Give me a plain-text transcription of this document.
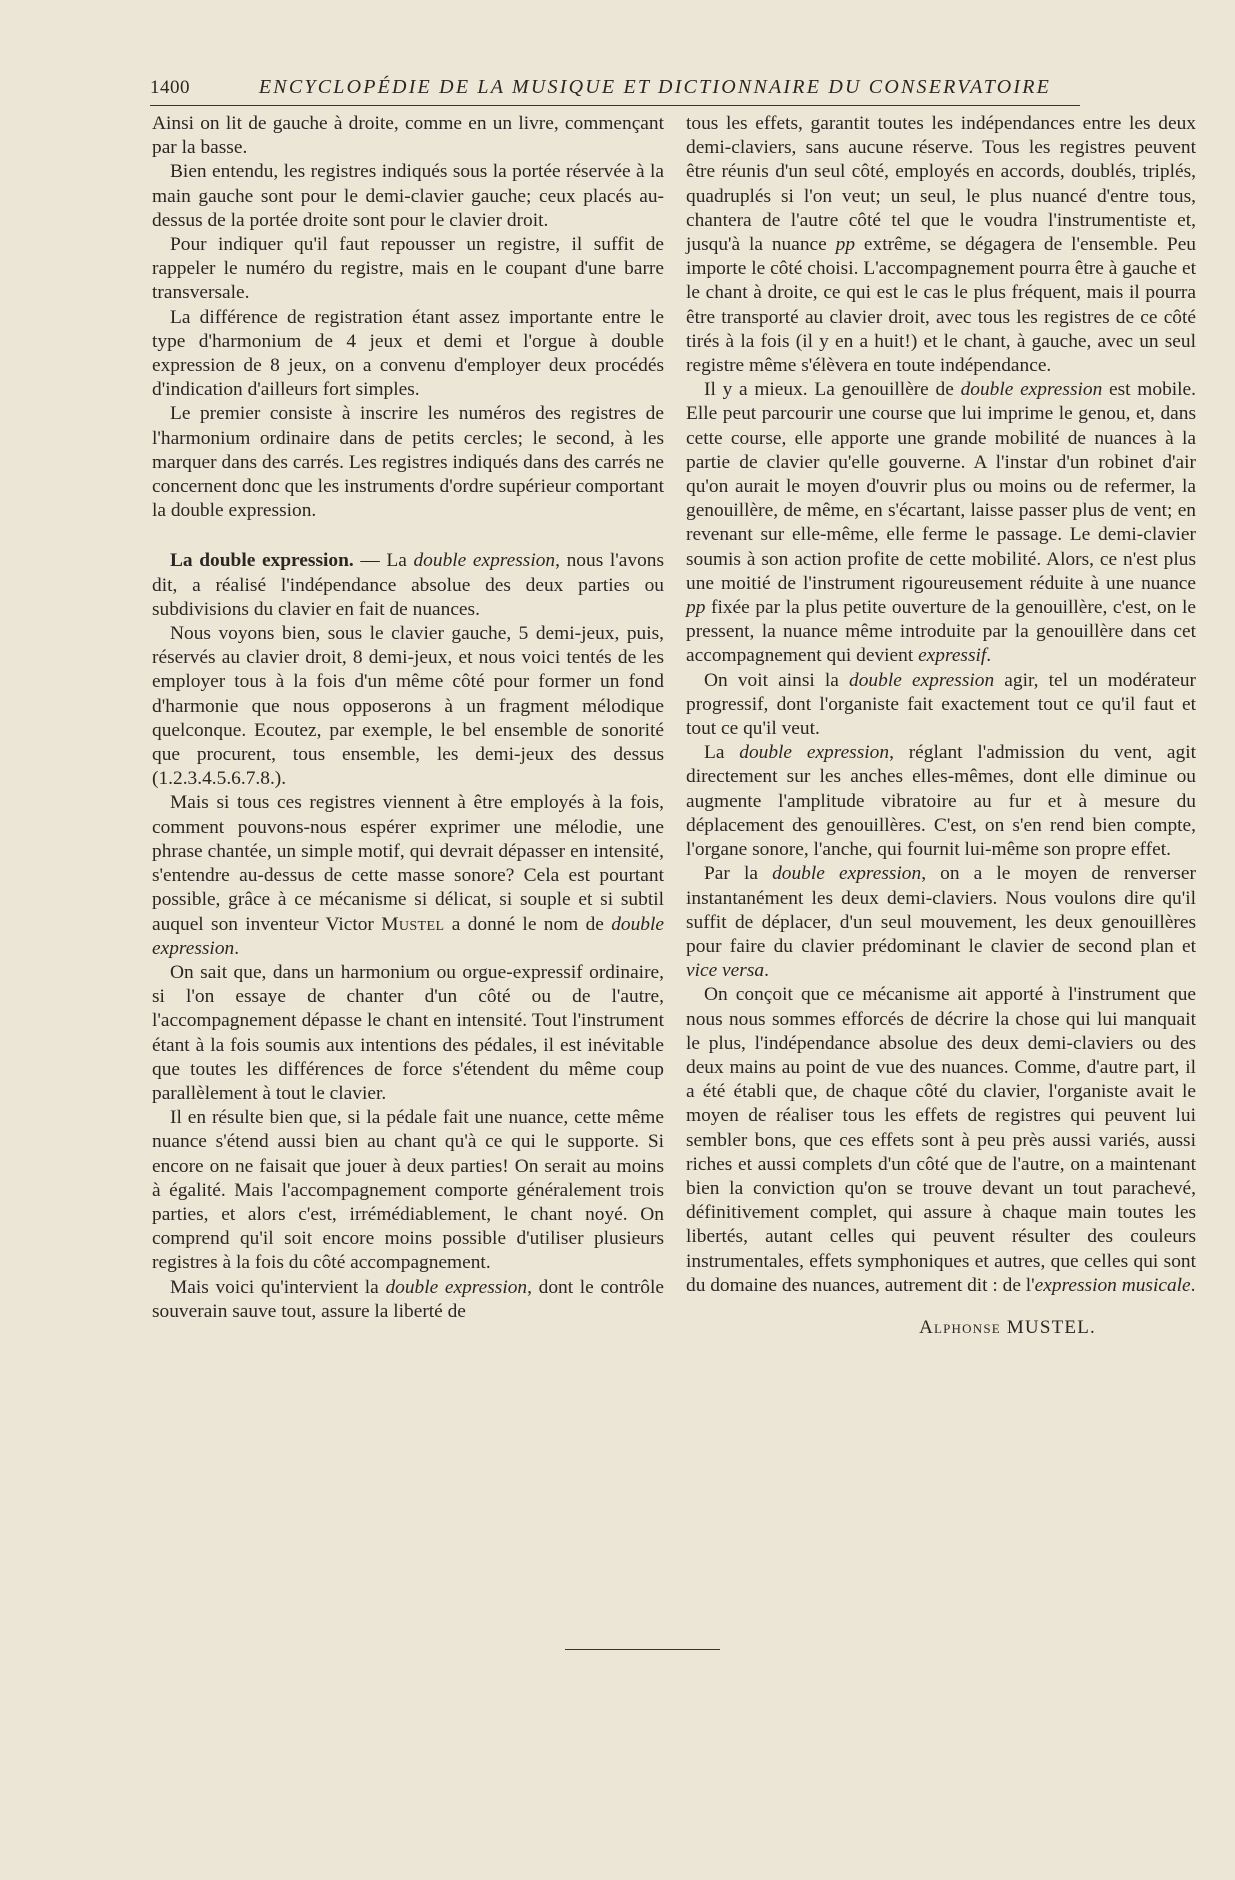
1400	ENCYCLOPÉDIE DE LA MUSIQUE ET DICTIONNAIRE DU CONSERVATOIRE

Ainsi on lit de gauche à droite, comme en un livre, commençant par la basse.

Bien entendu, les registres indiqués sous la portée réservée à la main gauche sont pour le demi-clavier gauche; ceux placés au-dessus de la portée droite sont pour le clavier droit.

Pour indiquer qu'il faut repousser un registre, il suffit de rappeler le numéro du registre, mais en le coupant d'une barre transversale.

La différence de registration étant assez importante entre le type d'harmonium de 4 jeux et demi et l'orgue à double expression de 8 jeux, on a convenu d'employer deux procédés d'indication d'ailleurs fort simples.

Le premier consiste à inscrire les numéros des registres de l'harmonium ordinaire dans de petits cercles; le second, à les marquer dans des carrés. Les registres indiqués dans des carrés ne concernent donc que les instruments d'ordre supérieur comportant la double expression.

La double expression. — La double expression, nous l'avons dit, a réalisé l'indépendance absolue des deux parties ou subdivisions du clavier en fait de nuances.

Nous voyons bien, sous le clavier gauche, 5 demi-jeux, puis, réservés au clavier droit, 8 demi-jeux, et nous voici tentés de les employer tous à la fois d'un même côté pour former un fond d'harmonie que nous opposerons à un fragment mélodique quelconque. Ecoutez, par exemple, le bel ensemble de sonorité que procurent, tous ensemble, les demi-jeux des dessus (1.2.3.4.5.6.7.8.).

Mais si tous ces registres viennent à être employés à la fois, comment pouvons-nous espérer exprimer une mélodie, une phrase chantée, un simple motif, qui devrait dépasser en intensité, s'entendre au-dessus de cette masse sonore? Cela est pourtant possible, grâce à ce mécanisme si délicat, si souple et si subtil auquel son inventeur Victor Mustel a donné le nom de double expression.

On sait que, dans un harmonium ou orgue-expressif ordinaire, si l'on essaye de chanter d'un côté ou de l'autre, l'accompagnement dépasse le chant en intensité. Tout l'instrument étant à la fois soumis aux intentions des pédales, il est inévitable que toutes les différences de force s'étendent du même coup parallèlement à tout le clavier.

Il en résulte bien que, si la pédale fait une nuance, cette même nuance s'étend aussi bien au chant qu'à ce qui le supporte. Si encore on ne faisait que jouer à deux parties! On serait au moins à égalité. Mais l'accompagnement comporte généralement trois parties, et alors c'est, irrémédiablement, le chant noyé. On comprend qu'il soit encore moins possible d'utiliser plusieurs registres à la fois du côté accompagnement.

Mais voici qu'intervient la double expression, dont le contrôle souverain sauve tout, assure la liberté de

tous les effets, garantit toutes les indépendances entre les deux demi-claviers, sans aucune réserve. Tous les registres peuvent être réunis d'un seul côté, employés en accords, doublés, triplés, quadruplés si l'on veut; un seul, le plus nuancé d'entre tous, chantera de l'autre côté tel que le voudra l'instrumentiste et, jusqu'à la nuance pp extrême, se dégagera de l'ensemble. Peu importe le côté choisi. L'accompagnement pourra être à gauche et le chant à droite, ce qui est le cas le plus fréquent, mais il pourra être transporté au clavier droit, avec tous les registres de ce côté tirés à la fois (il y en a huit!) et le chant, à gauche, avec un seul registre même s'élèvera en toute indépendance.

Il y a mieux. La genouillère de double expression est mobile. Elle peut parcourir une course que lui imprime le genou, et, dans cette course, elle apporte une grande mobilité de nuances à la partie de clavier qu'elle gouverne. A l'instar d'un robinet d'air qu'on aurait le moyen d'ouvrir plus ou moins ou de refermer, la genouillère, de même, en s'écartant, laisse passer plus de vent; en revenant sur elle-même, elle ferme le passage. Le demi-clavier soumis à son action profite de cette mobilité. Alors, ce n'est plus une moitié de l'instrument rigoureusement réduite à une nuance pp fixée par la plus petite ouverture de la genouillère, c'est, on le pressent, la nuance même introduite par la genouillère dans cet accompagnement qui devient expressif.

On voit ainsi la double expression agir, tel un modérateur progressif, dont l'organiste fait exactement tout ce qu'il faut et tout ce qu'il veut.

La double expression, réglant l'admission du vent, agit directement sur les anches elles-mêmes, dont elle diminue ou augmente l'amplitude vibratoire au fur et à mesure du déplacement des genouillères. C'est, on s'en rend bien compte, l'organe sonore, l'anche, qui fournit lui-même son propre effet.

Par la double expression, on a le moyen de renverser instantanément les deux demi-claviers. Nous voulons dire qu'il suffit de déplacer, d'un seul mouvement, les deux genouillères pour faire du clavier prédominant le clavier de second plan et vice versa.

On conçoit que ce mécanisme ait apporté à l'instrument que nous nous sommes efforcés de décrire la chose qui lui manquait le plus, l'indépendance absolue des deux demi-claviers ou des deux mains au point de vue des nuances. Comme, d'autre part, il a été établi que, de chaque côté du clavier, l'organiste avait le moyen de réaliser tous les effets de registres qui peuvent lui sembler bons, que ces effets sont à peu près aussi variés, aussi riches et aussi complets d'un côté que de l'autre, on a maintenant bien la conviction qu'on se trouve devant un tout parachevé, définitivement complet, qui assure à chaque main toutes les libertés, autant celles qui peuvent résulter des couleurs instrumentales, effets symphoniques et autres, que celles qui sont du domaine des nuances, autrement dit : de l'expression musicale.

Alphonse MUSTEL.
